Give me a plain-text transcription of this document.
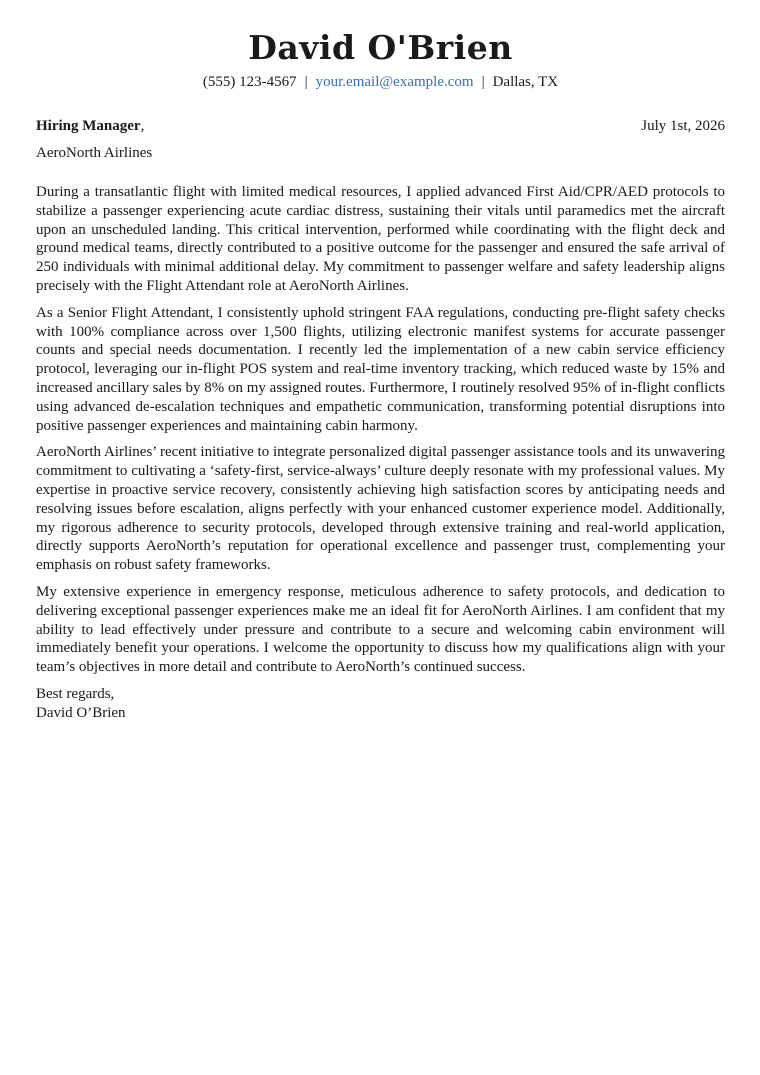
David O'Brien
(555) 123-4567 | your.email@example.com | Dallas, TX
Hiring Manager,	July 1st, 2026
AeroNorth Airlines

During a transatlantic flight with limited medical resources, I applied advanced First Aid/CPR/AED protocols to stabilize a passenger experiencing acute cardiac distress, sustaining their vitals until paramedics met the aircraft upon an unscheduled landing. This critical intervention, performed while coordinating with the flight deck and ground medical teams, directly contributed to a positive outcome for the passenger and ensured the safe arrival of 250 individuals with minimal additional delay. My commitment to passenger welfare and safety leadership aligns precisely with the Flight Attendant role at AeroNorth Airlines.

As a Senior Flight Attendant, I consistently uphold stringent FAA regulations, conducting pre-flight safety checks with 100% compliance across over 1,500 flights, utilizing electronic manifest systems for accurate passenger counts and special needs documentation. I recently led the implementation of a new cabin service efficiency protocol, leveraging our in-flight POS system and real-time inventory tracking, which reduced waste by 15% and increased ancillary sales by 8% on my assigned routes. Furthermore, I routinely resolved 95% of in-flight conflicts using advanced de-escalation techniques and empathetic communication, transforming potential disruptions into positive passenger experiences and maintaining cabin harmony.

AeroNorth Airlines’ recent initiative to integrate personalized digital passenger assistance tools and its unwavering commitment to cultivating a ‘safety-first, service-always’ culture deeply resonate with my professional values. My expertise in proactive service recovery, consistently achieving high satisfaction scores by anticipating needs and resolving issues before escalation, aligns perfectly with your enhanced customer experience model. Additionally, my rigorous adherence to security protocols, developed through extensive training and real-world application, directly supports AeroNorth’s reputation for operational excellence and passenger trust, complementing your emphasis on robust safety frameworks.

My extensive experience in emergency response, meticulous adherence to safety protocols, and dedication to delivering exceptional passenger experiences make me an ideal fit for AeroNorth Airlines. I am confident that my ability to lead effectively under pressure and contribute to a secure and welcoming cabin environment will immediately benefit your operations. I welcome the opportunity to discuss how my qualifications align with your team’s objectives in more detail and contribute to AeroNorth’s continued success.

Best regards,
David O’Brien
